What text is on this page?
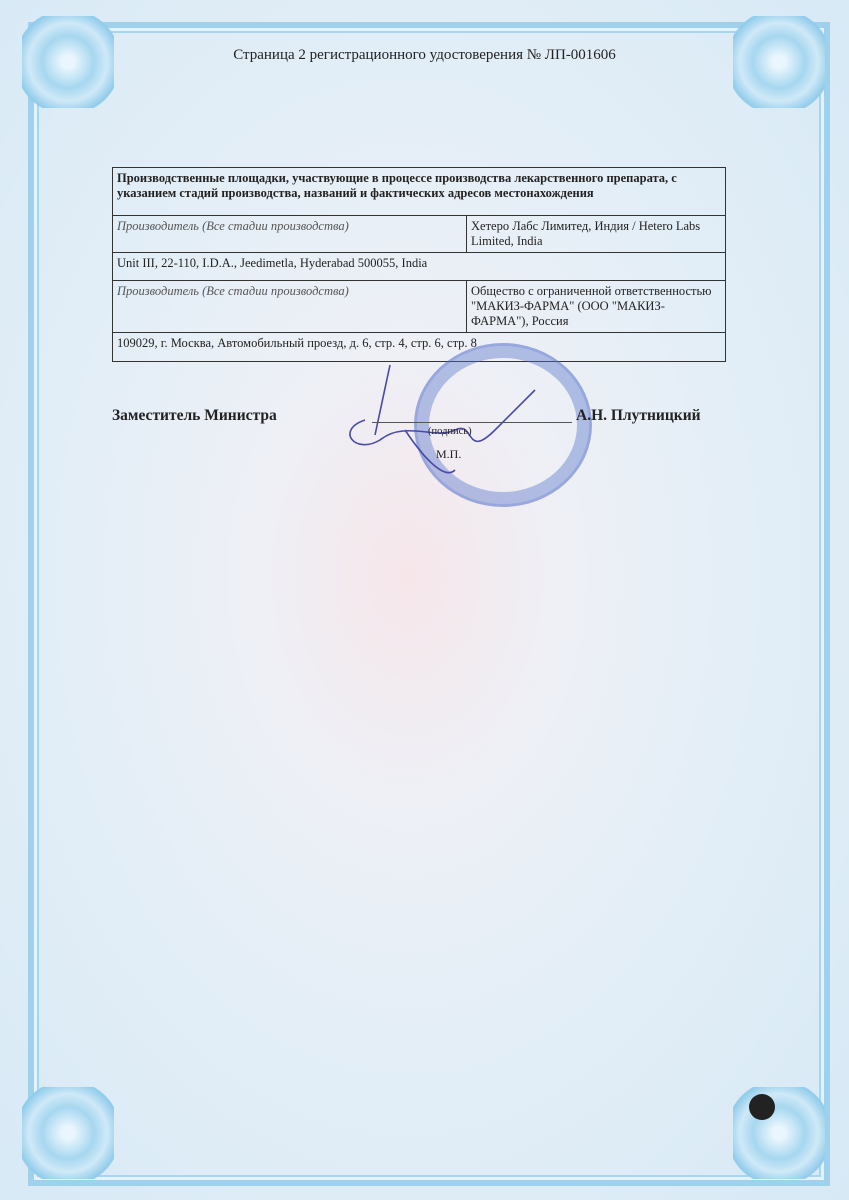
Страница 2 регистрационного удостоверения № ЛП-001606
Производственные площадки, участвующие в процессе производства лекарственного препарата, с указанием стадий производства, названий и фактических адресов местонахождения	
Производитель (Все стадии производства)	Хетеро Лабс Лимитед, Индия / Hetero Labs Limited, India
Unit III, 22-110, I.D.A., Jeedimetla, Hyderabad 500055, India	
Производитель (Все стадии производства)	Общество с ограниченной ответственностью "МАКИЗ-ФАРМА" (ООО "МАКИЗ-ФАРМА"), Россия
109029, г. Москва, Автомобильный проезд, д. 6, стр. 4, стр. 6, стр. 8	
Заместитель Министра
(подпись)
М.П.
А.Н. Плутницкий
